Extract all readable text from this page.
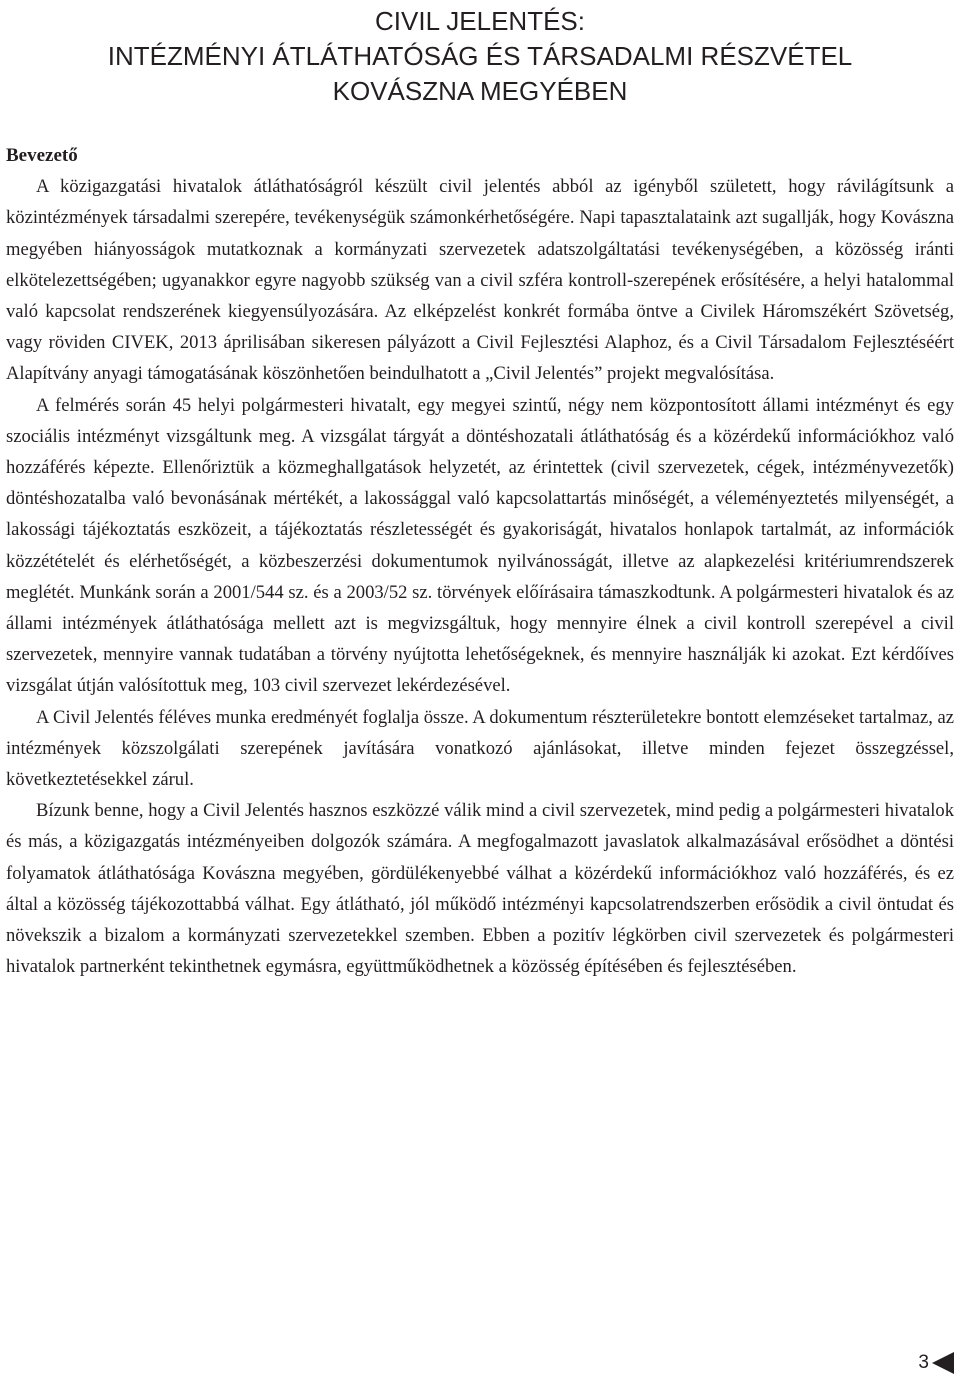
CIVIL JELENTÉS:
INTÉZMÉNYI ÁTLÁTHATÓSÁG ÉS TÁRSADALMI RÉSZVÉTEL
KOVÁSZNA MEGYÉBEN
Bevezető

A közigazgatási hivatalok átláthatóságról készült civil jelentés abból az igényből született, hogy rávilágítsunk a közintézmények társadalmi szerepére, tevékenységük számonkérhetőségére. Napi tapasztalataink azt sugallják, hogy Kovászna megyében hiányosságok mutatkoznak a kormányzati szervezetek adatszolgáltatási tevékenységében, a közösség iránti elkötelezettségében; ugyanakkor egyre nagyobb szükség van a civil szféra kontroll-szerepének erősítésére, a helyi hatalommal való kapcsolat rendszerének kiegyensúlyozására. Az elképzelést konkrét formába öntve a Civilek Háromszékért Szövetség, vagy röviden CIVEK, 2013 áprilisában sikeresen pályázott a Civil Fejlesztési Alaphoz, és a Civil Társadalom Fejlesztéséért Alapítvány anyagi támogatásának köszönhetően beindulhatott a „Civil Jelentés” projekt megvalósítása.

A felmérés során 45 helyi polgármesteri hivatalt, egy megyei szintű, négy nem központosított állami intézményt és egy szociális intézményt vizsgáltunk meg. A vizsgálat tárgyát a döntéshozatali átláthatóság és a közérdekű információkhoz való hozzáférés képezte. Ellenőriztük a közmeghallgatások helyzetét, az érintettek (civil szervezetek, cégek, intézményvezetők) döntéshozatalba való bevonásának mértékét, a lakossággal való kapcsolattartás minőségét, a véleményeztetés milyenségét, a lakossági tájékoztatás eszközeit, a tájékoztatás részletességét és gyakoriságát, hivatalos honlapok tartalmát, az információk közzétételét és elérhetőségét, a közbeszerzési dokumentumok nyilvánosságát, illetve az alapkezelési kritériumrendszerek meglétét. Munkánk során a 2001/544 sz. és a 2003/52 sz. törvények előírásaira támaszkodtunk. A polgármesteri hivatalok és az állami intézmények átláthatósága mellett azt is megvizsgáltuk, hogy mennyire élnek a civil kontroll szerepével a civil szervezetek, mennyire vannak tudatában a törvény nyújtotta lehetőségeknek, és mennyire használják ki azokat. Ezt kérdőíves vizsgálat útján valósítottuk meg, 103 civil szervezet lekérdezésével.

A Civil Jelentés féléves munka eredményét foglalja össze. A dokumentum részterületekre bontott elemzéseket tartalmaz, az intézmények közszolgálati szerepének javítására vonatkozó ajánlásokat, illetve minden fejezet összegzéssel, következtetésekkel zárul.

Bízunk benne, hogy a Civil Jelentés hasznos eszközzé válik mind a civil szervezetek, mind pedig a polgármesteri hivatalok és más, a közigazgatás intézményeiben dolgozók számára. A megfogalmazott javaslatok alkalmazásával erősödhet a döntési folyamatok átláthatósága Kovászna megyében, gördülékenyebbé válhat a közérdekű információkhoz való hozzáférés, és ez által a közösség tájékozottabbá válhat. Egy átlátható, jól működő intézményi kapcsolatrendszerben erősödik a civil öntudat és növekszik a bizalom a kormányzati szervezetekkel szemben. Ebben a pozitív légkörben civil szervezetek és polgármesteri hivatalok partnerként tekinthetnek egymásra, együttműködhetnek a közösség építésében és fejlesztésében.

3
